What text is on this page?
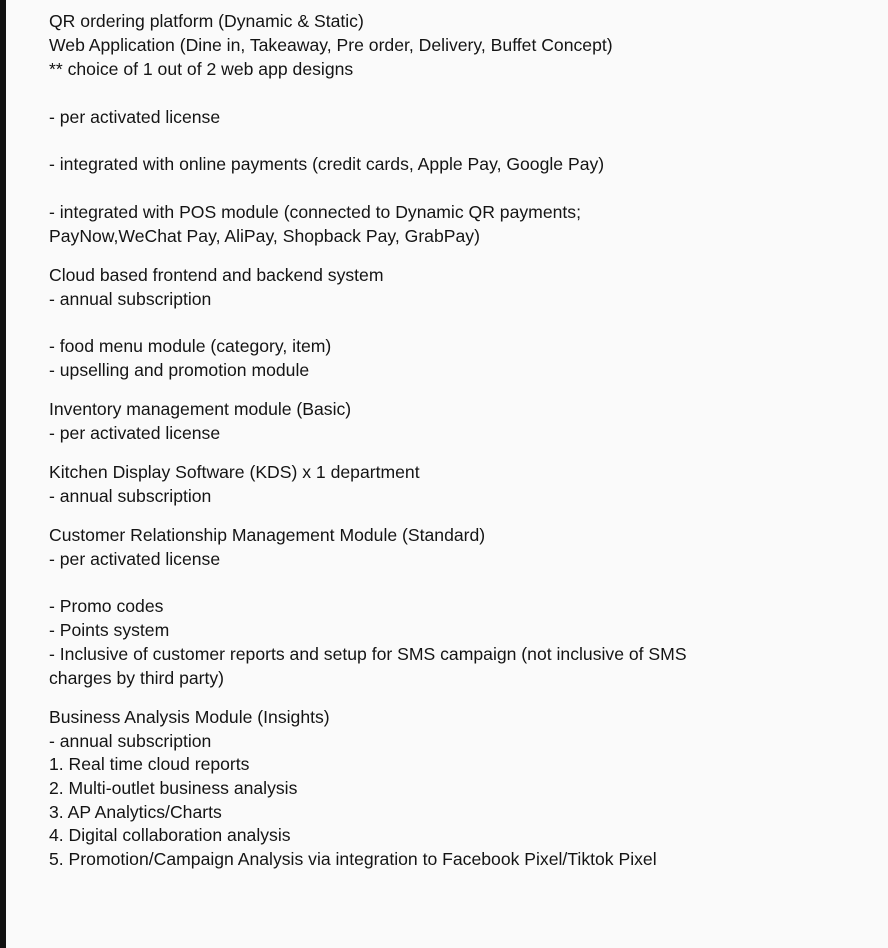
QR ordering platform (Dynamic & Static)

Web Application (Dine in, Takeaway, Pre order, Delivery, Buffet Concept)

** choice of 1 out of 2 web app designs

- per activated license

- integrated with online payments (credit cards, Apple Pay, Google Pay)

- integrated with POS module (connected to Dynamic QR payments;

PayNow,WeChat Pay, AliPay, Shopback Pay, GrabPay)

Cloud based frontend and backend system

- annual subscription

- food menu module (category, item)

- upselling and promotion module

Inventory management module (Basic)

- per activated license

Kitchen Display Software (KDS) x 1 department

- annual subscription

Customer Relationship Management Module (Standard)

- per activated license

- Promo codes

- Points system

- Inclusive of customer reports and setup for SMS campaign (not inclusive of SMS

charges by third party)

Business Analysis Module (Insights)

- annual subscription

1. Real time cloud reports

2. Multi-outlet business analysis

3. AP Analytics/Charts

4. Digital collaboration analysis

5. Promotion/Campaign Analysis via integration to Facebook Pixel/Tiktok Pixel
